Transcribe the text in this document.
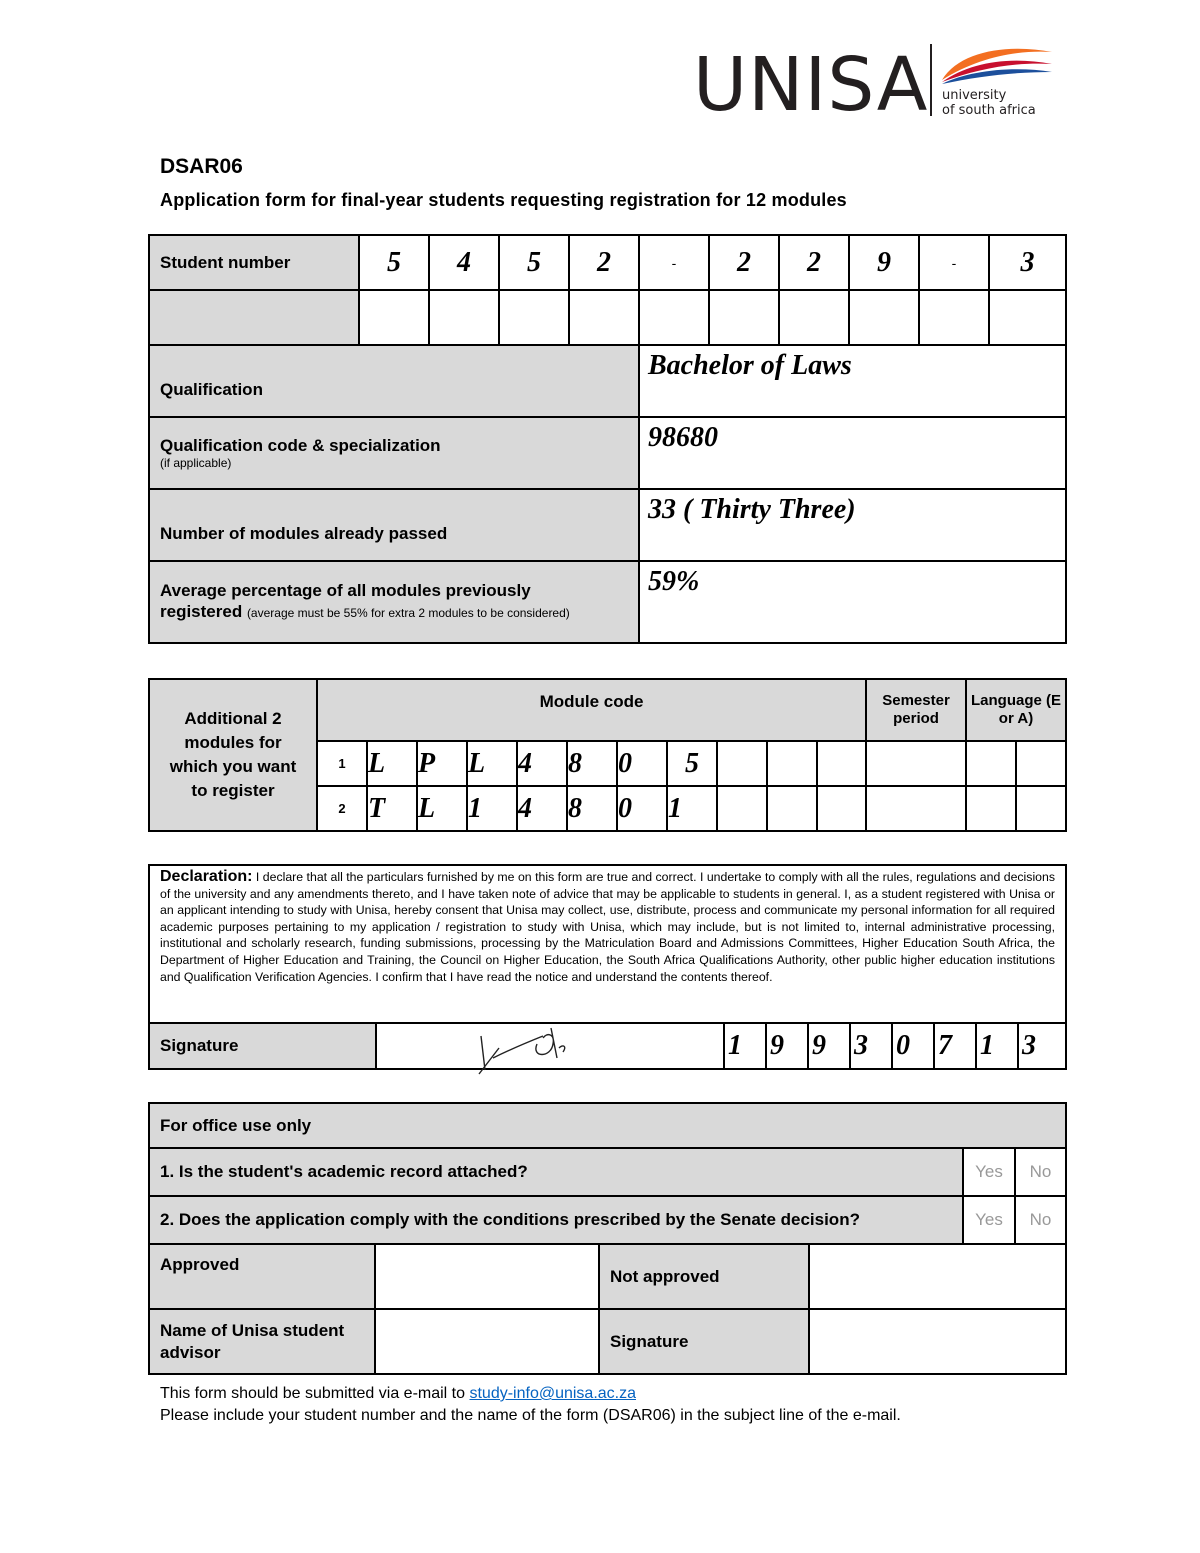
UNISA university
of south africa
DSAR06
Application form for final-year students requesting registration for 12 modules
Student number	5	4	5	2	-	2	2	9	-	3

Qualification					Bachelor of Laws					

Qualification code & specialization
(if applicable)					98680					
Number of modules already passed					33 ( Thirty Three)					
Average percentage of all modules previously registered (average must be 55% for extra 2 modules to be considered)					59%					
Additional 2 modules for which you want to register	Module code											Semester period	Language (E or A)	
	1	L	P	L	4	8	0	5						
	2	T	L	1	4	8	0	1						
Declaration: I declare that all the particulars furnished by me on this form are true and correct. I undertake to comply with all the rules, regulations and decisions of the university and any amendments thereto, and I have taken note of advice that may be applicable to students in general. I, as a student registered with Unisa or an applicant intending to study with Unisa, hereby consent that Unisa may collect, use, distribute, process and communicate my personal information for all required academic purposes pertaining to my application / registration to study with Unisa, which may include, but is not limited to, internal administrative processing, institutional and scholarly research, funding submissions, processing by the Matriculation Board and Admissions Committees, Higher Education South Africa, the Department of Higher Education and Training, the Council on Higher Education, the South Africa Qualifications Authority, other public higher education institutions and Qualification Verification Agencies. I confirm that I have read the notice and understand the contents thereof.
Signature		1	9	9	3	0	7	1	3
For office use only					
1. Is the student's academic record attached?				Yes	No
2. Does the application comply with the conditions prescribed by the Senate decision?				Yes	No
Approved		Not approved			
Name of Unisa student advisor		Signature			
This form should be submitted via e-mail to study-info@unisa.ac.za
Please include your student number and the name of the form (DSAR06) in the subject line of the e-mail.
